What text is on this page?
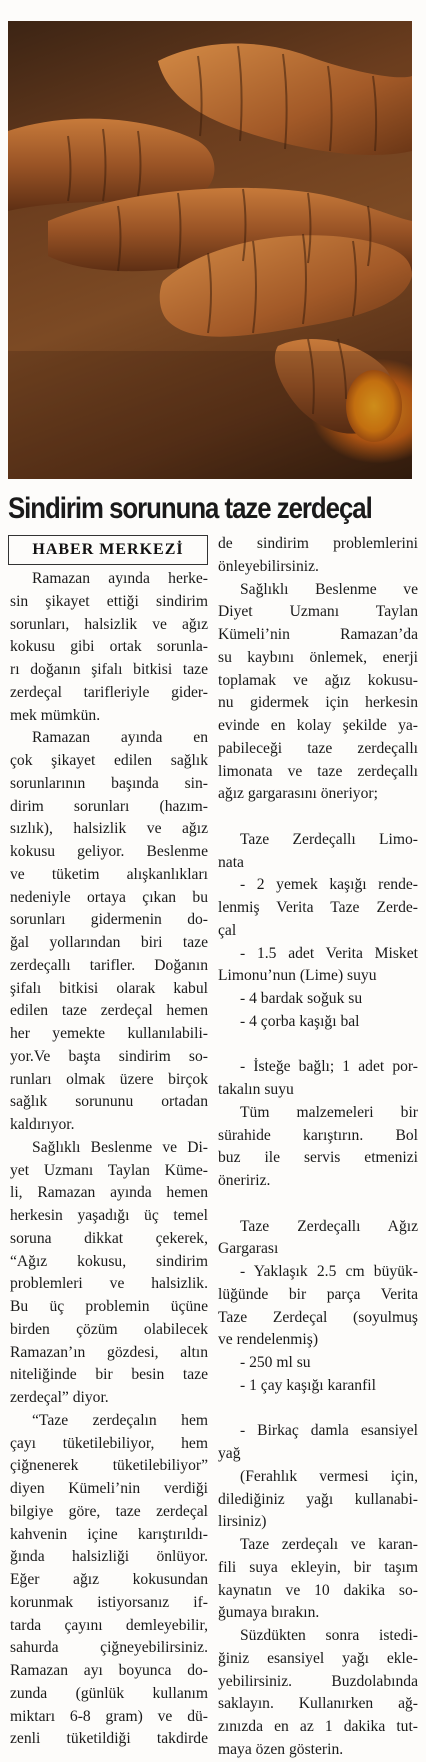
Sindirim sorununa taze zerdeçal
HABER MERKEZİ
Ramazan ayında herke-
sin şikayet ettiği sindirim
sorunları, halsizlik ve ağız
kokusu gibi ortak sorunla-
rı doğanın şifalı bitkisi taze
zerdeçal tarifleriyle gider-
mek mümkün.
Ramazan ayında en
çok şikayet edilen sağlık
sorunlarının başında sin-
dirim sorunları (hazım-
sızlık), halsizlik ve ağız
kokusu geliyor. Beslenme
ve tüketim alışkanlıkları
nedeniyle ortaya çıkan bu
sorunları gidermenin do-
ğal yollarından biri taze
zerdeçallı tarifler. Doğanın
şifalı bitkisi olarak kabul
edilen taze zerdeçal hemen
her yemekte kullanılabili-
yor.Ve başta sindirim so-
runları olmak üzere birçok
sağlık sorununu ortadan
kaldırıyor.
Sağlıklı Beslenme ve Di-
yet Uzmanı Taylan Küme-
li, Ramazan ayında hemen
herkesin yaşadığı üç temel
soruna dikkat çekerek,
“Ağız kokusu, sindirim
problemleri ve halsizlik.
Bu üç problemin üçüne
birden çözüm olabilecek
Ramazan’ın gözdesi, altın
niteliğinde bir besin taze
zerdeçal” diyor.
“Taze zerdeçalın hem
çayı tüketilebiliyor, hem
çiğnenerek tüketilebiliyor”
diyen Kümeli’nin verdiği
bilgiye göre, taze zerdeçal
kahvenin içine karıştırıldı-
ğında halsizliği önlüyor.
Eğer ağız kokusundan
korunmak istiyorsanız if-
tarda çayını demleyebilir,
sahurda çiğneyebilirsiniz.
Ramazan ayı boyunca do-
zunda (günlük kullanım
miktarı 6-8 gram) ve dü-
zenli tüketildiği takdirde
de sindirim problemlerini
önleyebilirsiniz.
Sağlıklı Beslenme ve
Diyet Uzmanı Taylan
Kümeli’nin Ramazan’da
su kaybını önlemek, enerji
toplamak ve ağız kokusu-
nu gidermek için herkesin
evinde en kolay şekilde ya-
pabileceği taze zerdeçallı
limonata ve taze zerdeçallı
ağız gargarasını öneriyor;
Taze Zerdeçallı Limo-
nata
- 2 yemek kaşığı rende-
lenmiş Verita Taze Zerde-
çal
- 1.5 adet Verita Misket
Limonu’nun (Lime) suyu
- 4 bardak soğuk su
- 4 çorba kaşığı bal
- İsteğe bağlı; 1 adet por-
takalın suyu
Tüm malzemeleri bir
sürahide karıştırın. Bol
buz ile servis etmenizi
öneririz.
Taze Zerdeçallı Ağız
Gargarası
- Yaklaşık 2.5 cm büyük-
lüğünde bir parça Verita
Taze Zerdeçal (soyulmuş
ve rendelenmiş)
- 250 ml su
- 1 çay kaşığı karanfil
- Birkaç damla esansiyel
yağ
(Ferahlık vermesi için,
dilediğiniz yağı kullanabi-
lirsiniz)
Taze zerdeçalı ve karan-
fili suya ekleyin, bir taşım
kaynatın ve 10 dakika so-
ğumaya bırakın.
Süzdükten sonra istedi-
ğiniz esansiyel yağı ekle-
yebilirsiniz. Buzdolabında
saklayın. Kullanırken ağ-
zınızda en az 1 dakika tut-
maya özen gösterin.
